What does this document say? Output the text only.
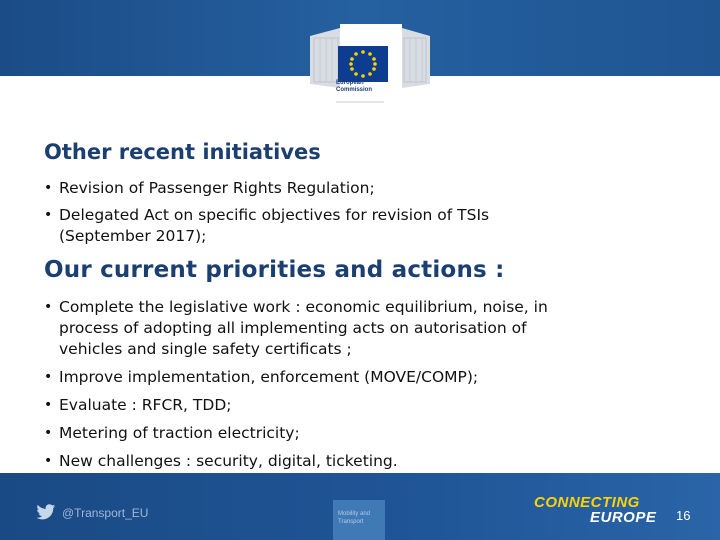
European
Commission
Other recent initiatives
• Revision of Passenger Rights Regulation;
• Delegated Act on specific objectives for revision of TSIs
(September 2017);
Our current priorities and actions :
• Complete the legislative work : economic equilibrium, noise, in
process of adopting all implementing acts on autorisation of
vehicles and single safety certificats ;
• Improve implementation, enforcement (MOVE/COMP);
• Evaluate : RFCR, TDD;
• Metering of traction electricity;
• New challenges : security, digital, ticketing.
@Transport_EU	Mobility and
Transport
CONNECTING
EUROPE 16
